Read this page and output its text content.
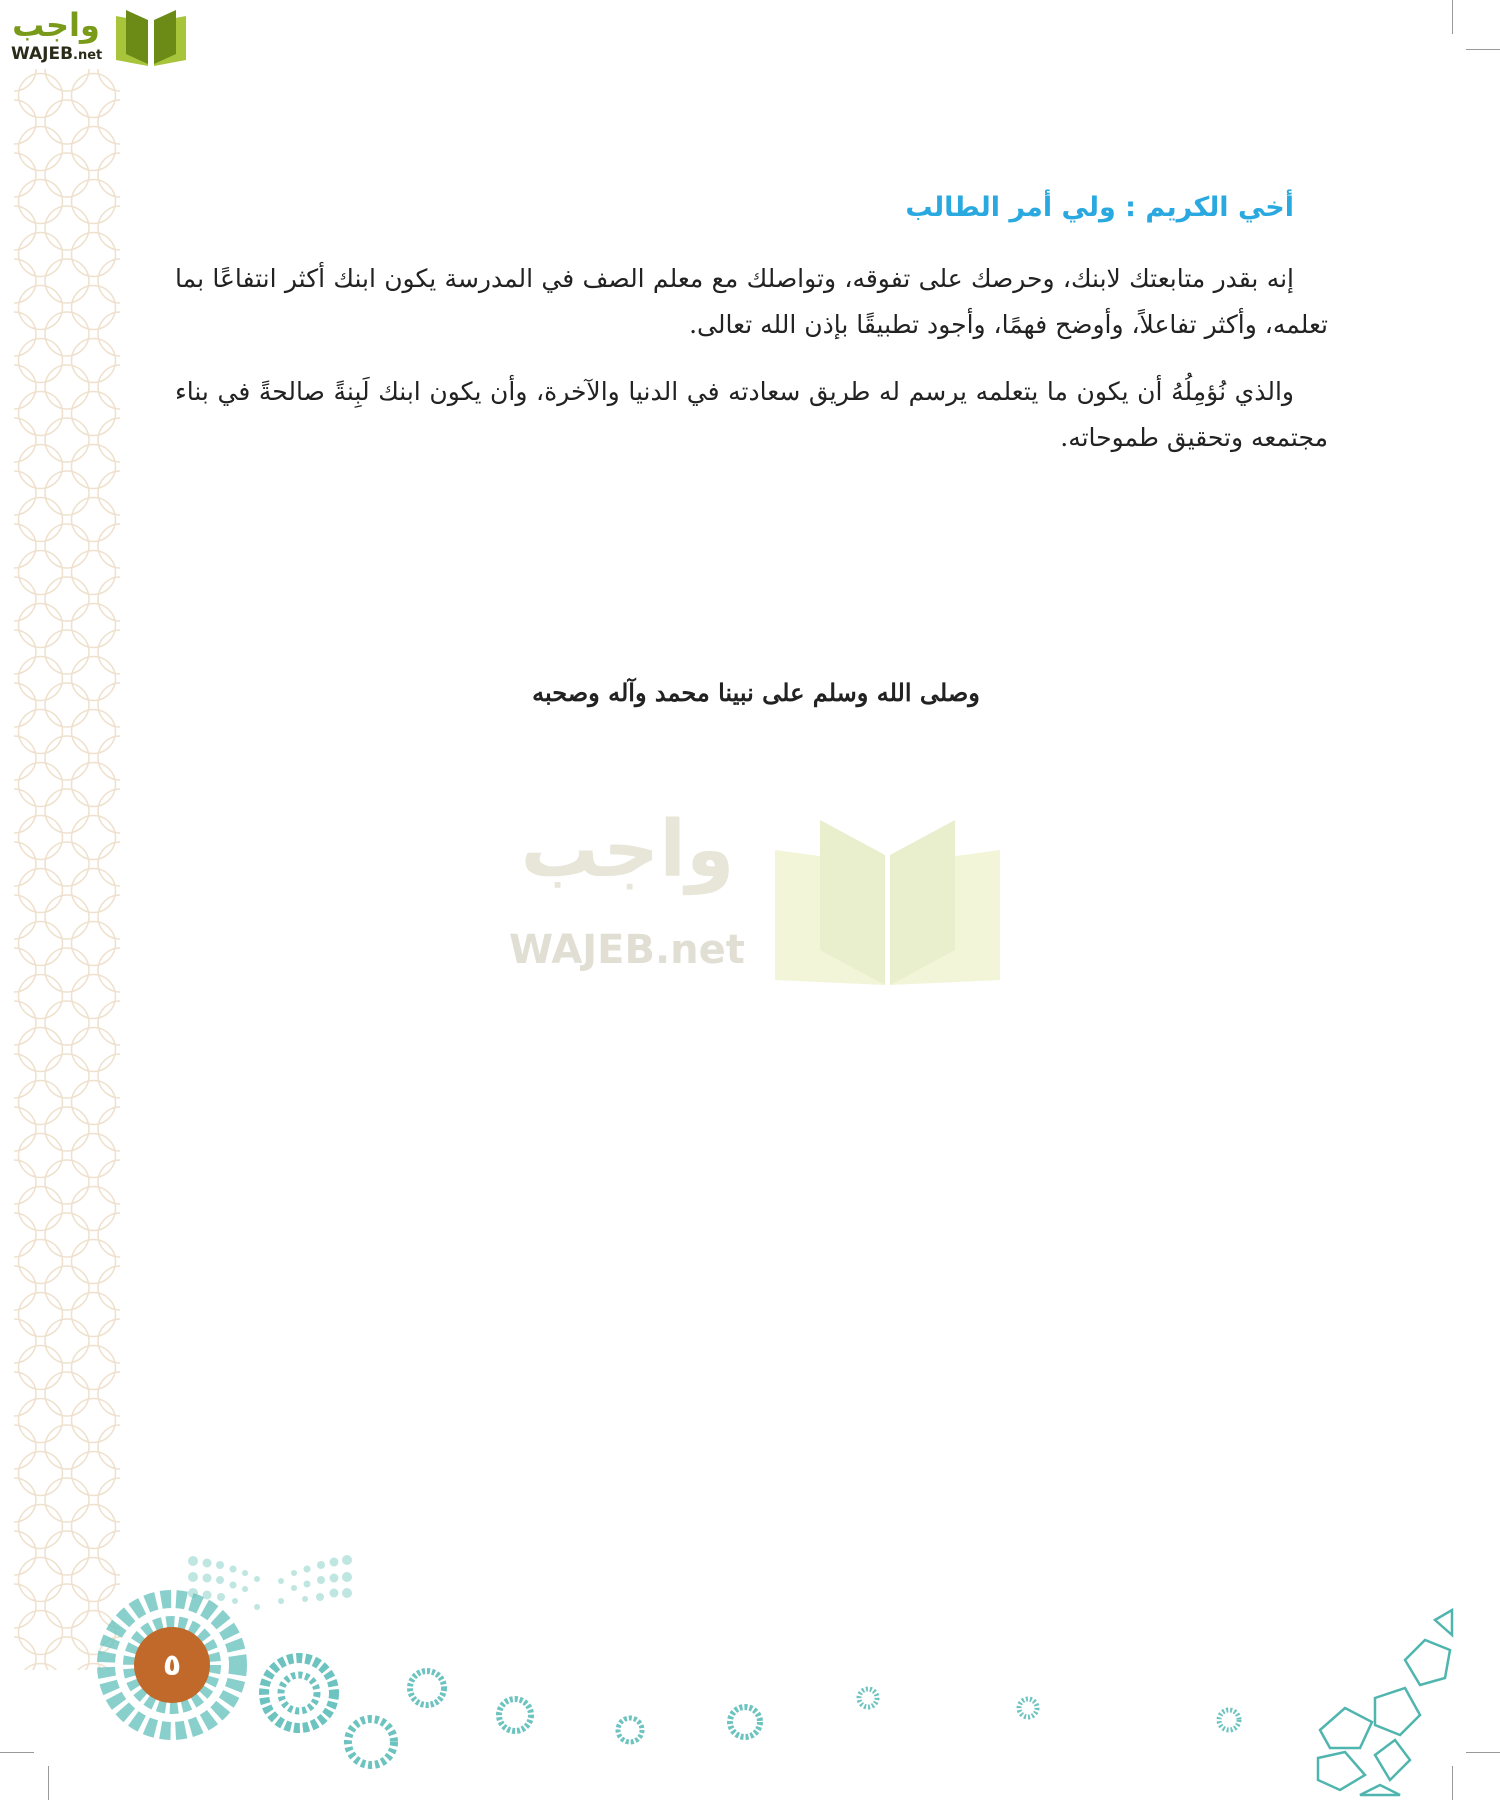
واجب
WAJEB.net
أخي الكريم : ولي أمر الطالب
إنه بقدر متابعتك لابنك، وحرصك على تفوقه، وتواصلك مع معلم الصف في المدرسة يكون ابنك أكثر انتفاعًا بما تعلمه، وأكثر تفاعلاً، وأوضح فهمًا، وأجود تطبيقًا بإذن الله تعالى.
والذي نُؤمِلُهُ أن يكون ما يتعلمه يرسم له طريق سعادته في الدنيا والآخرة، وأن يكون ابنك لَبِنةً صالحةً في بناء مجتمعه وتحقيق طموحاته.
وصلى الله وسلم على نبينا محمد وآله وصحبه
واجب
WAJEB.net
٥
